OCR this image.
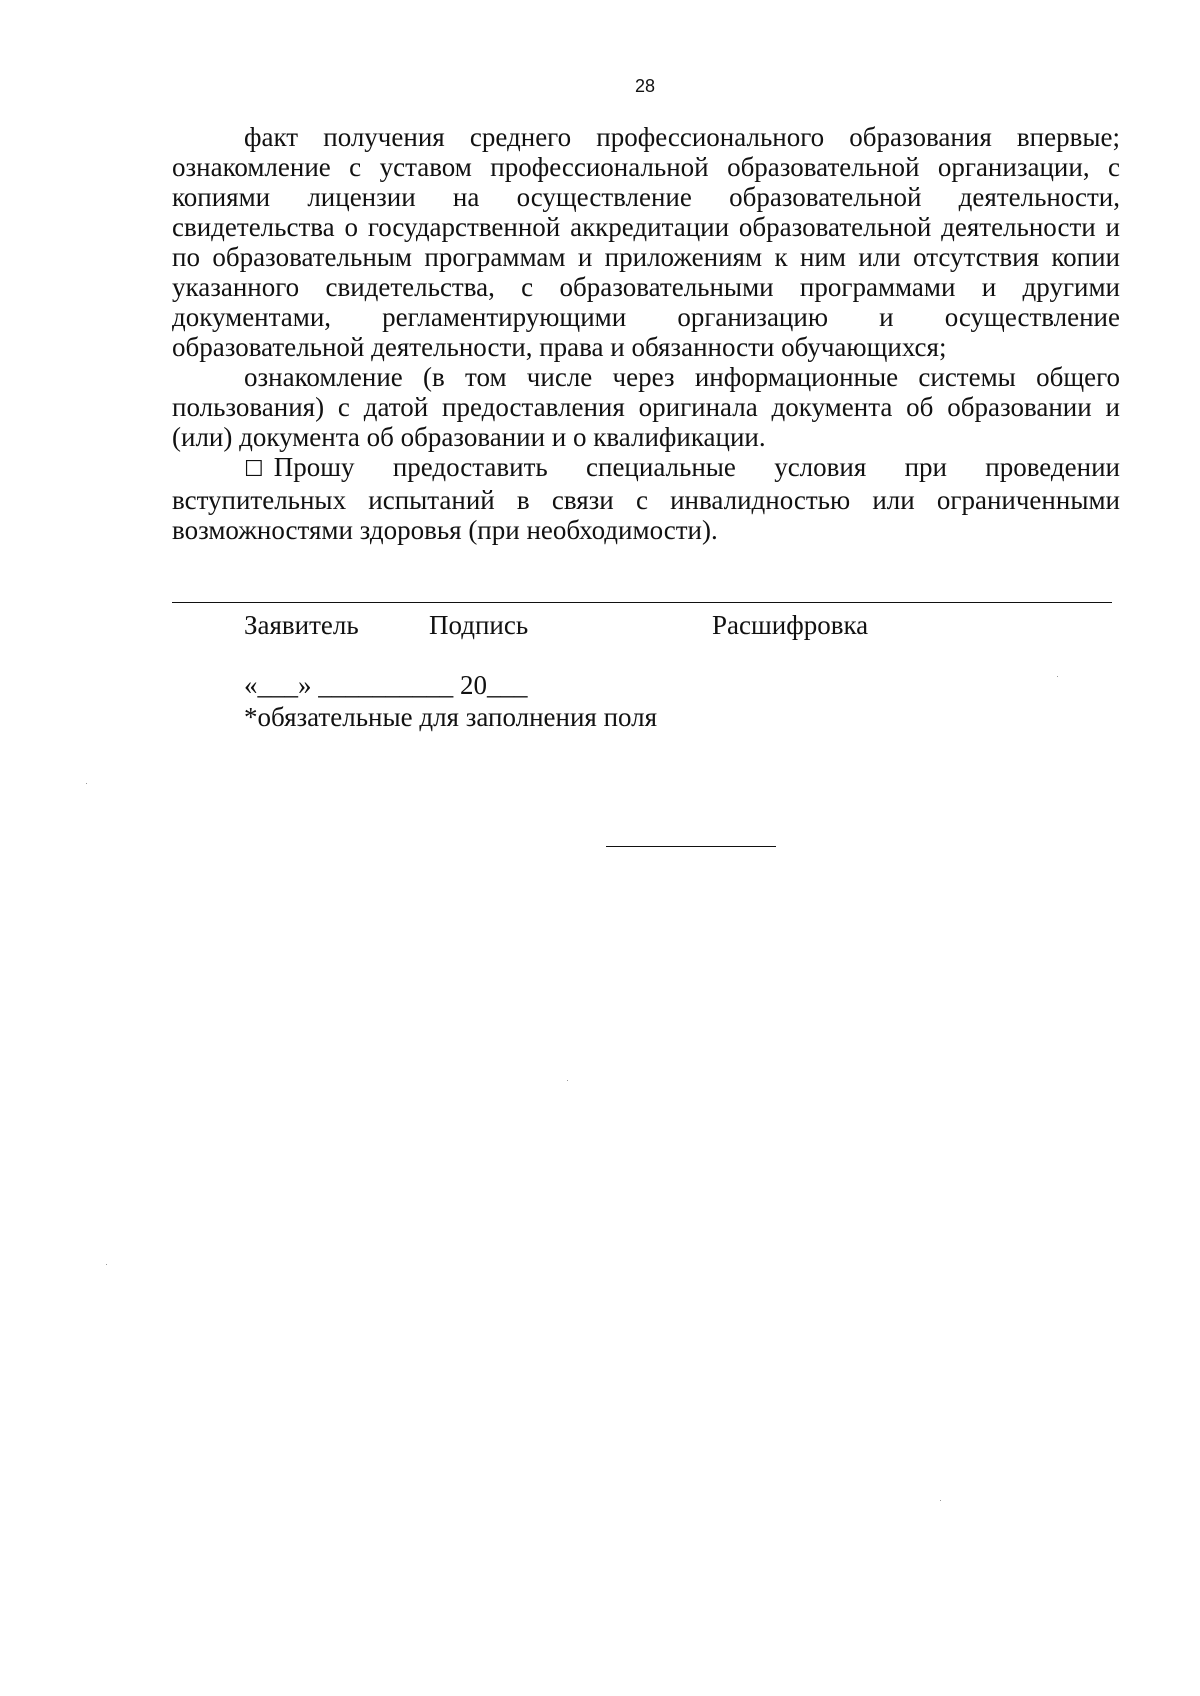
28

факт получения среднего профессионального образования впервые; ознакомление с уставом профессиональной образовательной организации, с копиями лицензии на осуществление образовательной деятельности, свидетельства о государственной аккредитации образовательной деятельности и по образовательным программам и приложениям к ним или отсутствия копии указанного свидетельства, с образовательными программами и другими документами, регламентирующими организацию и осуществление образовательной деятельности, права и обязанности обучающихся;

ознакомление (в том числе через информационные системы общего пользования) с датой предоставления оригинала документа об образовании и (или) документа об образовании и о квалификации.

☐ Прошу предоставить специальные условия при проведении вступительных испытаний в связи с инвалидностью или ограниченными возможностями здоровья (при необходимости).

Заявитель	Подпись	Расшифровка
«___» __________ 20___
*обязательные для заполнения поля
